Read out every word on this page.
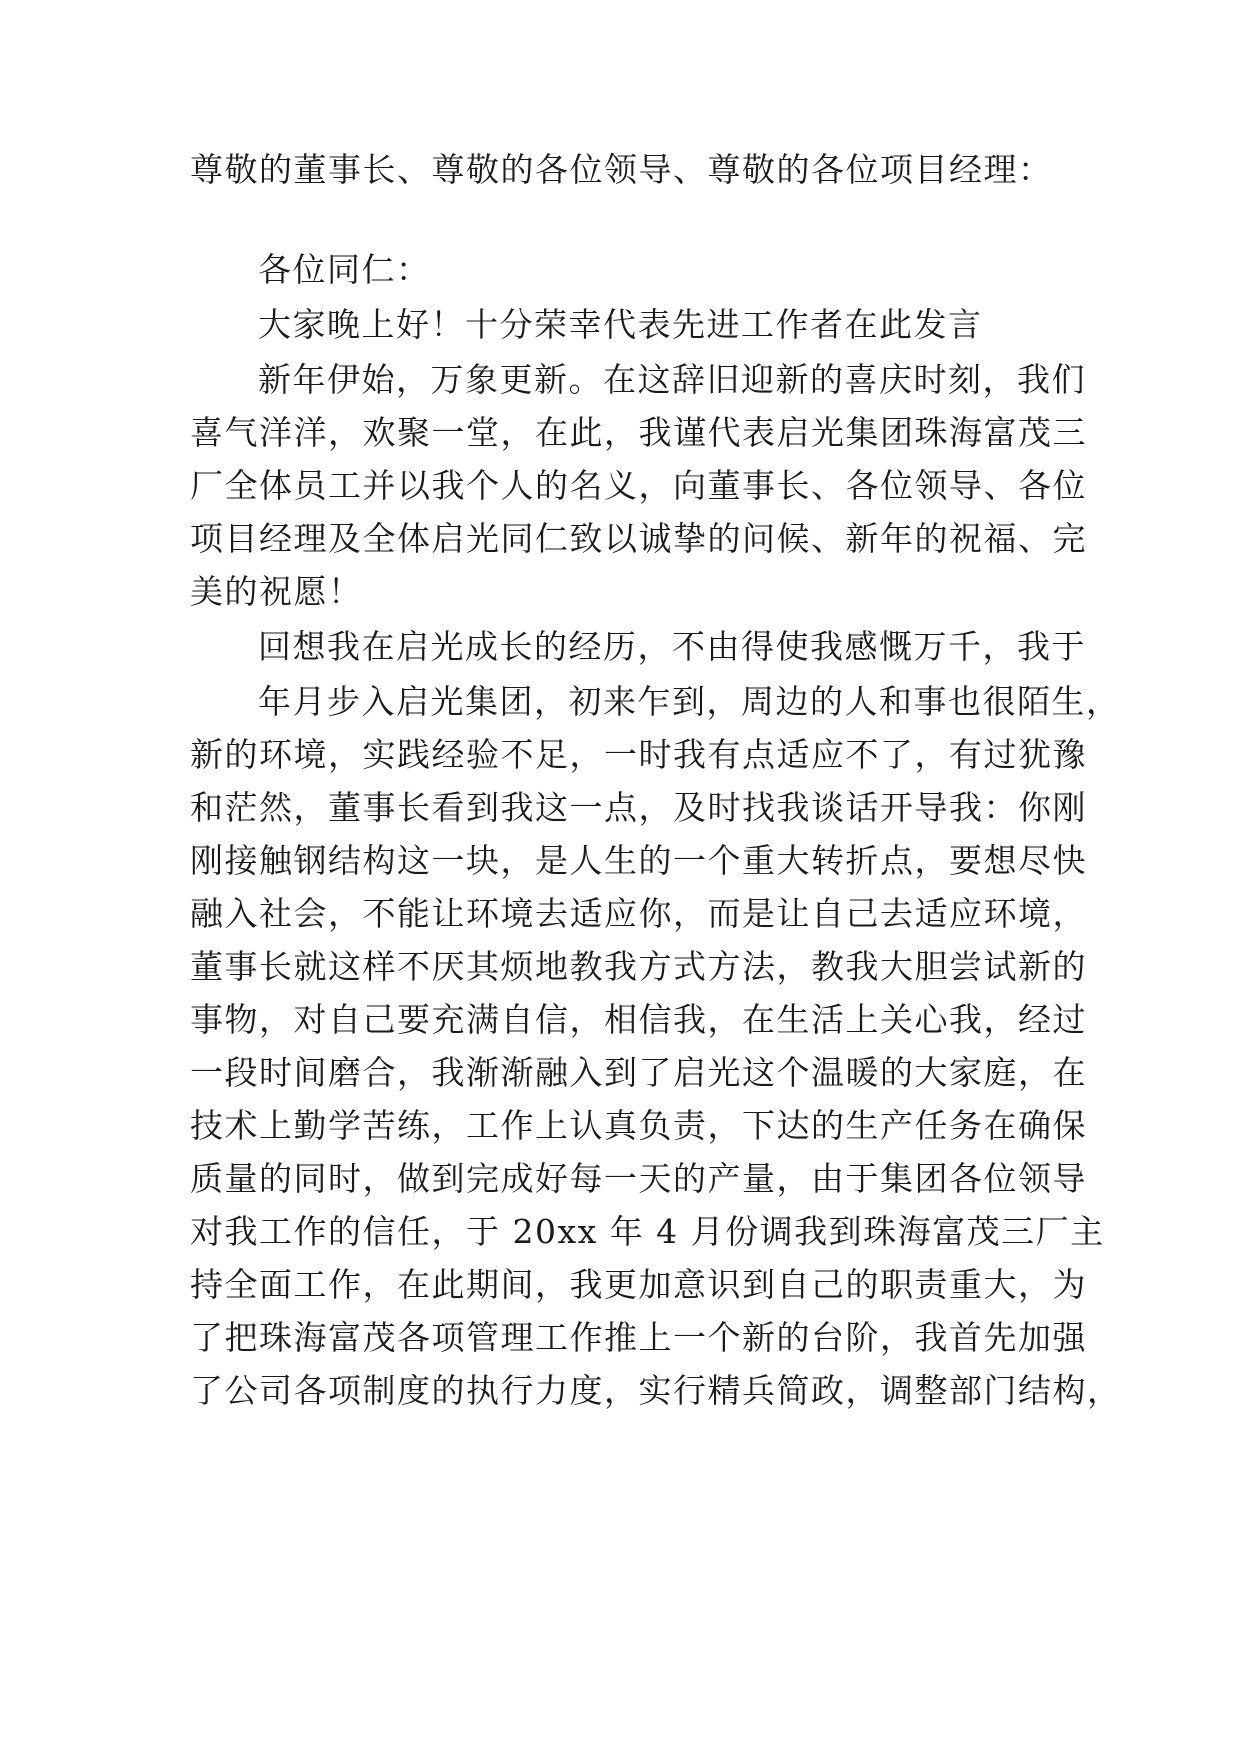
尊敬的董事长、尊敬的各位领导、尊敬的各位项目经理：
各位同仁：
大家晚上好！十分荣幸代表先进工作者在此发言
新年伊始，万象更新。在这辞旧迎新的喜庆时刻，我们
喜气洋洋，欢聚一堂，在此，我谨代表启光集团珠海富茂三
厂全体员工并以我个人的名义，向董事长、各位领导、各位
项目经理及全体启光同仁致以诚挚的问候、新年的祝福、完
美的祝愿！
回想我在启光成长的经历，不由得使我感慨万千，我于
年月步入启光集团，初来乍到，周边的人和事也很陌生，
新的环境，实践经验不足，一时我有点适应不了，有过犹豫
和茫然，董事长看到我这一点，及时找我谈话开导我：你刚
刚接触钢结构这一块，是人生的一个重大转折点，要想尽快
融入社会，不能让环境去适应你，而是让自己去适应环境，
董事长就这样不厌其烦地教我方式方法，教我大胆尝试新的
事物，对自己要充满自信，相信我，在生活上关心我，经过
一段时间磨合，我渐渐融入到了启光这个温暖的大家庭，在
技术上勤学苦练，工作上认真负责，下达的生产任务在确保
质量的同时，做到完成好每一天的产量，由于集团各位领导
对我工作的信任，于 20xx 年 4 月份调我到珠海富茂三厂主
持全面工作，在此期间，我更加意识到自己的职责重大，为
了把珠海富茂各项管理工作推上一个新的台阶，我首先加强
了公司各项制度的执行力度，实行精兵简政，调整部门结构，
